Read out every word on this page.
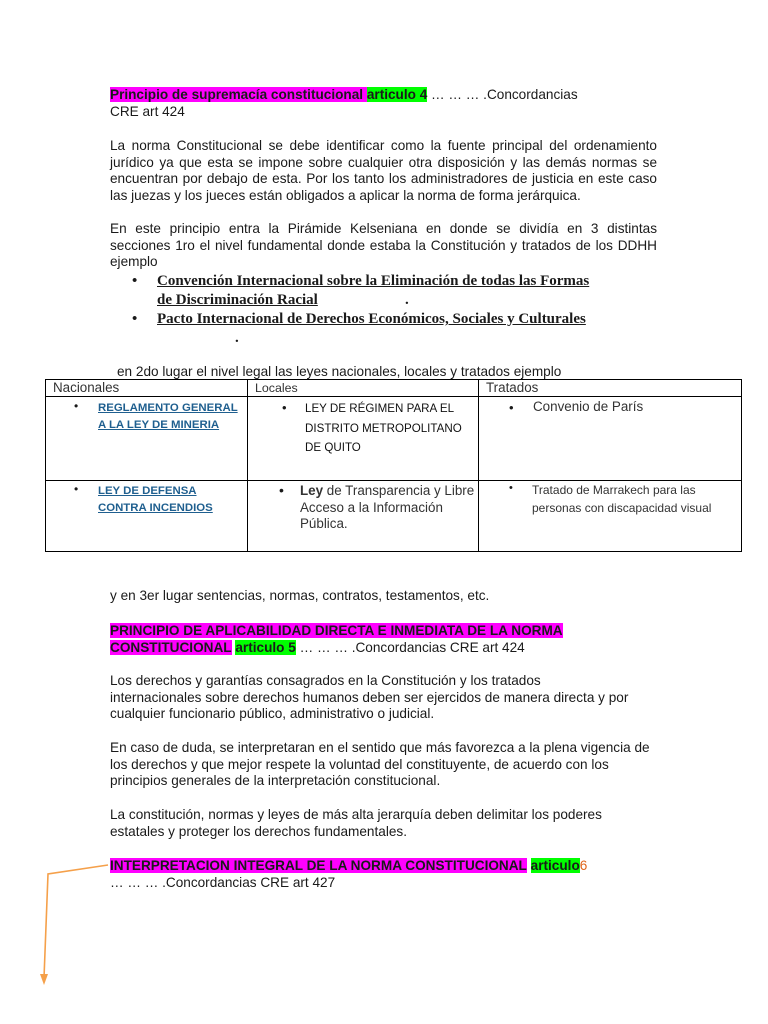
Principio de supremacía constitucional articulo 4 … … … .Concordancias
CRE art 424
La norma Constitucional se debe identificar como la fuente principal del ordenamiento jurídico ya que esta se impone sobre cualquier otra disposición y las demás normas se encuentran por debajo de esta. Por los tanto los administradores de justicia en este caso las juezas y los jueces están obligados a aplicar la norma de forma jerárquica.
En este principio entra la Pirámide Kelseniana en donde se dividía en 3 distintas secciones 1ro el nivel fundamental donde estaba la Constitución y tratados de los DDHH ejemplo
• Convención Internacional sobre la Eliminación de todas las Formas de Discriminación Racial	.
• Pacto Internacional de Derechos Económicos, Sociales y Culturales
.
en 2do lugar el nivel legal las leyes nacionales, locales y tratados ejemplo
Nacionales	Locales	Tratados

• REGLAMENTO GENERAL A LA LEY DE MINERIA	• LEY DE RÉGIMEN PARA EL DISTRITO METROPOLITANO DE QUITO	• Convenio de París

• LEY DE DEFENSA CONTRA INCENDIOS	• Ley de Transparencia y Libre Acceso a la Información Pública.	• Tratado de Marrakech para las personas con discapacidad visual
y en 3er lugar sentencias, normas, contratos, testamentos, etc.
PRINCIPIO DE APLICABILIDAD DIRECTA E INMEDIATA DE LA NORMA
CONSTITUCIONAL articulo 5 … … … .Concordancias CRE art 424
Los derechos y garantías consagrados en la Constitución y los tratados internacionales sobre derechos humanos deben ser ejercidos de manera directa y por cualquier funcionario público, administrativo o judicial.
En caso de duda, se interpretaran en el sentido que más favorezca a la plena vigencia de los derechos y que mejor respete la voluntad del constituyente, de acuerdo con los principios generales de la interpretación constitucional.
La constitución, normas y leyes de más alta jerarquía deben delimitar los poderes estatales y proteger los derechos fundamentales.
INTERPRETACION INTEGRAL DE LA NORMA CONSTITUCIONAL articulo6
… … … .Concordancias CRE art 427
